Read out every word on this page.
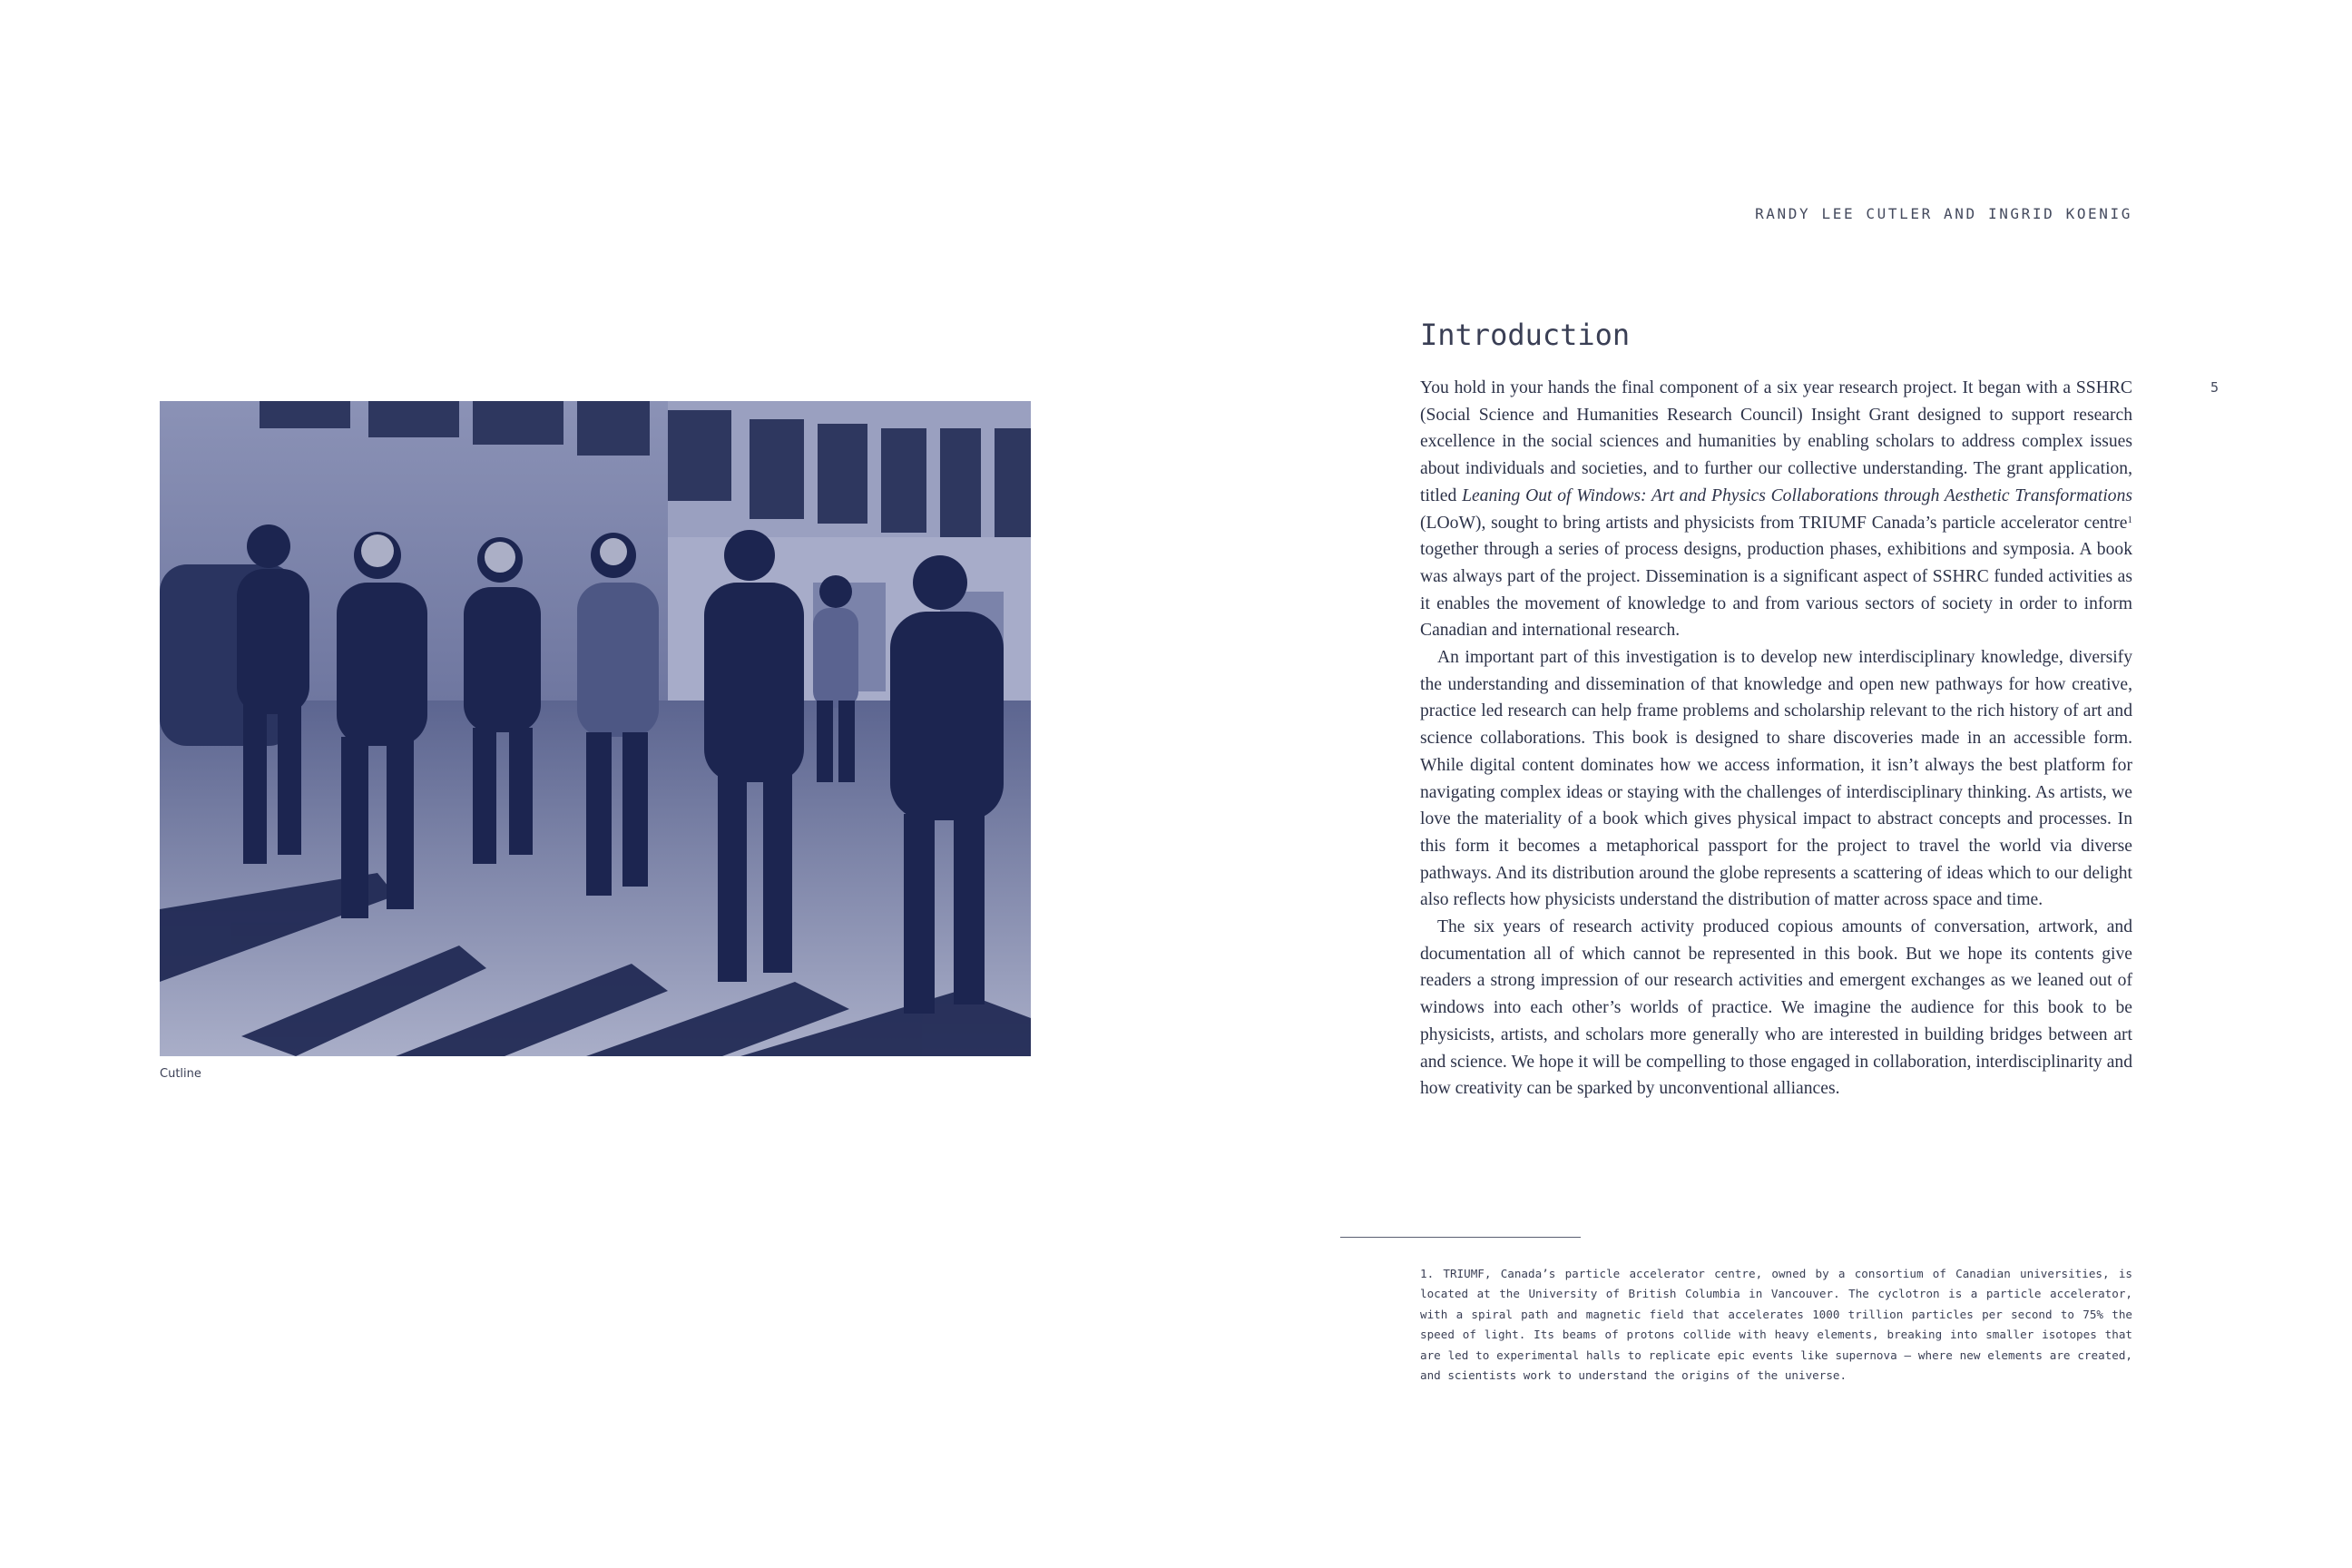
RANDY LEE CUTLER AND INGRID KOENIG
5
Cutline
Introduction

You hold in your hands the final component of a six year research project. It began with a SSHRC (Social Science and Humanities Research Council) Insight Grant designed to support research excellence in the social sciences and humanities by enabling scholars to address complex issues about individuals and societies, and to further our collective understanding. The grant application, titled Leaning Out of Windows: Art and Physics Collaborations through Aesthetic Transformations (LOoW), sought to bring artists and physicists from TRIUMF Canada’s particle accelerator centre$^1$ together through a series of process designs, production phases, exhibitions and symposia. A book was always part of the project. Dissemination is a significant aspect of SSHRC funded activities as it enables the movement of knowledge to and from various sectors of society in order to inform Canadian and international research.

An important part of this investigation is to develop new interdisciplinary knowledge, diversify the understanding and dissemination of that knowledge and open new pathways for how creative, practice led research can help frame problems and scholarship relevant to the rich history of art and science collaborations. This book is designed to share discoveries made in an accessible form. While digital content dominates how we access information, it isn’t always the best platform for navigating complex ideas or staying with the challenges of interdisciplinary thinking. As artists, we love the materiality of a book which gives physical impact to abstract concepts and processes. In this form it becomes a metaphorical passport for the project to travel the world via diverse pathways. And its distribution around the globe represents a scattering of ideas which to our delight also reflects how physicists understand the distribution of matter across space and time.

The six years of research activity produced copious amounts of conversation, artwork, and documentation all of which cannot be represented in this book. But we hope its contents give readers a strong impression of our research activities and emergent exchanges as we leaned out of windows into each other’s worlds of practice. We imagine the audience for this book to be physicists, artists, and scholars more generally who are interested in building bridges between art and science. We hope it will be compelling to those engaged in collaboration, interdisciplinarity and how creativity can be sparked by unconventional alliances.

1. TRIUMF, Canada’s particle accelerator centre, owned by a consortium of Canadian universities, is located at the University of British Columbia in Vancouver. The cyclotron is a particle accelerator, with a spiral path and magnetic field that accelerates 1000 trillion particles per second to 75% the speed of light. Its beams of protons collide with heavy elements, breaking into smaller isotopes that are led to experimental halls to replicate epic events like supernova — where new elements are created, and scientists work to understand the origins of the universe.
